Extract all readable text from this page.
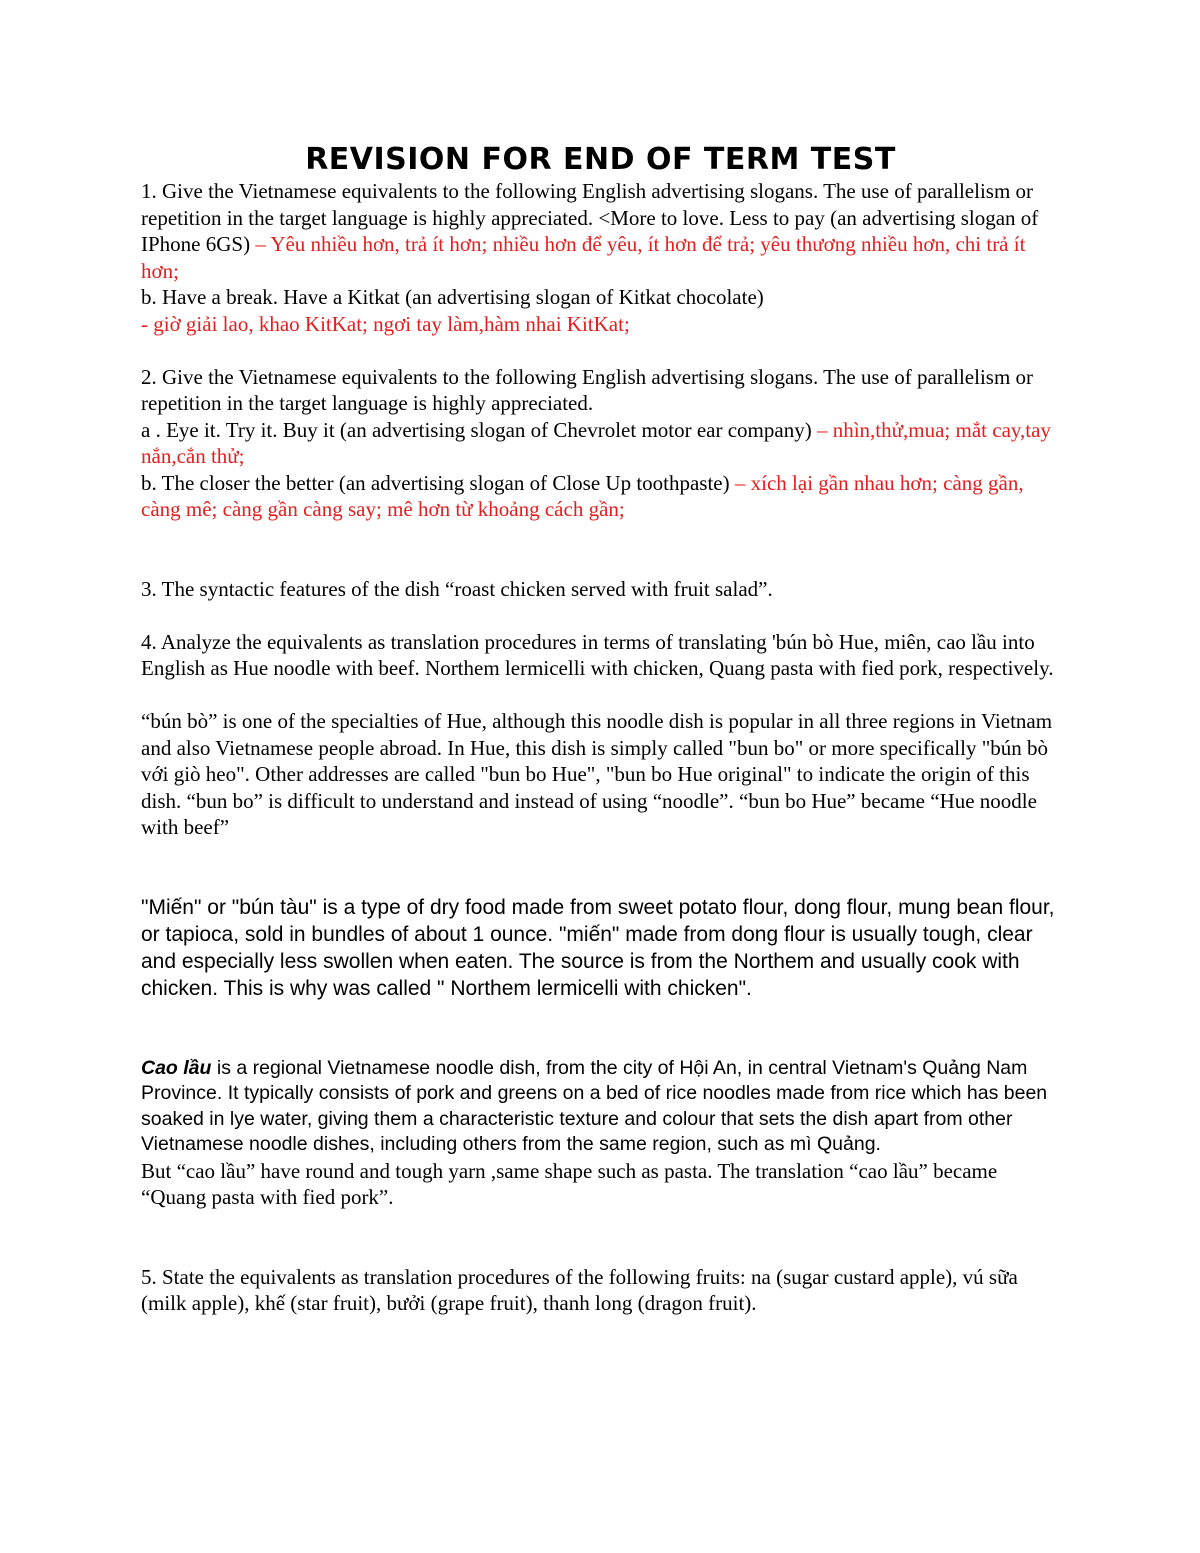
REVISION FOR END OF TERM TEST

1. Give the Vietnamese equivalents to the following English advertising slogans. The use of parallelism or repetition in the target language is highly appreciated. <More to love. Less to pay (an advertising slogan of IPhone 6GS) – Yêu nhiều hơn, trả ít hơn; nhiều hơn để yêu, ít hơn để trả; yêu thương nhiều hơn, chi trả ít hơn;

b. Have a break. Have a Kitkat (an advertising slogan of Kitkat chocolate)

- giờ giải lao, khao KitKat; ngơi tay làm,hàm nhai KitKat;

2. Give the Vietnamese equivalents to the following English advertising slogans. The use of parallelism or repetition in the target language is highly appreciated.

a . Eye it. Try it. Buy it (an advertising slogan of Chevrolet motor ear company) – nhìn,thử,mua; mắt cay,tay nắn,cắn thử;

b. The closer the better (an advertising slogan of Close Up toothpaste) – xích lại gần nhau hơn; càng gần, càng mê; càng gần càng say; mê hơn từ khoảng cách gần;

3. The syntactic features of the dish “roast chicken served with fruit salad”.

4. Analyze the equivalents as translation procedures in terms of translating 'bún bò Hue, miên, cao lầu into English as Hue noodle with beef. Northem lermicelli with chicken, Quang pasta with fied pork, respectively.

“bún bò” is one of the specialties of Hue, although this noodle dish is popular in all three regions in Vietnam and also Vietnamese people abroad. In Hue, this dish is simply called "bun bo" or more specifically "bún bò với giò heo". Other addresses are called "bun bo Hue", "bun bo Hue original" to indicate the origin of this dish. “bun bo” is difficult to understand and instead of using “noodle”. “bun bo Hue” became “Hue noodle with beef”

"Miến" or "bún tàu" is a type of dry food made from sweet potato flour, dong flour, mung bean flour, or tapioca, sold in bundles of about 1 ounce. "miến" made from dong flour is usually tough, clear and especially less swollen when eaten. The source is from the Northem and usually cook with chicken. This is why was called " Northem lermicelli with chicken".

Cao lầu is a regional Vietnamese noodle dish, from the city of Hội An, in central Vietnam's Quảng Nam Province. It typically consists of pork and greens on a bed of rice noodles made from rice which has been soaked in lye water, giving them a characteristic texture and colour that sets the dish apart from other Vietnamese noodle dishes, including others from the same region, such as mì Quảng.

But “cao lầu” have round and tough yarn ,same shape such as pasta. The translation “cao lầu” became “Quang pasta with fied pork”.

5. State the equivalents as translation procedures of the following fruits: na (sugar custard apple), vú sữa (milk apple), khế (star fruit), bưởi (grape fruit), thanh long (dragon fruit).
